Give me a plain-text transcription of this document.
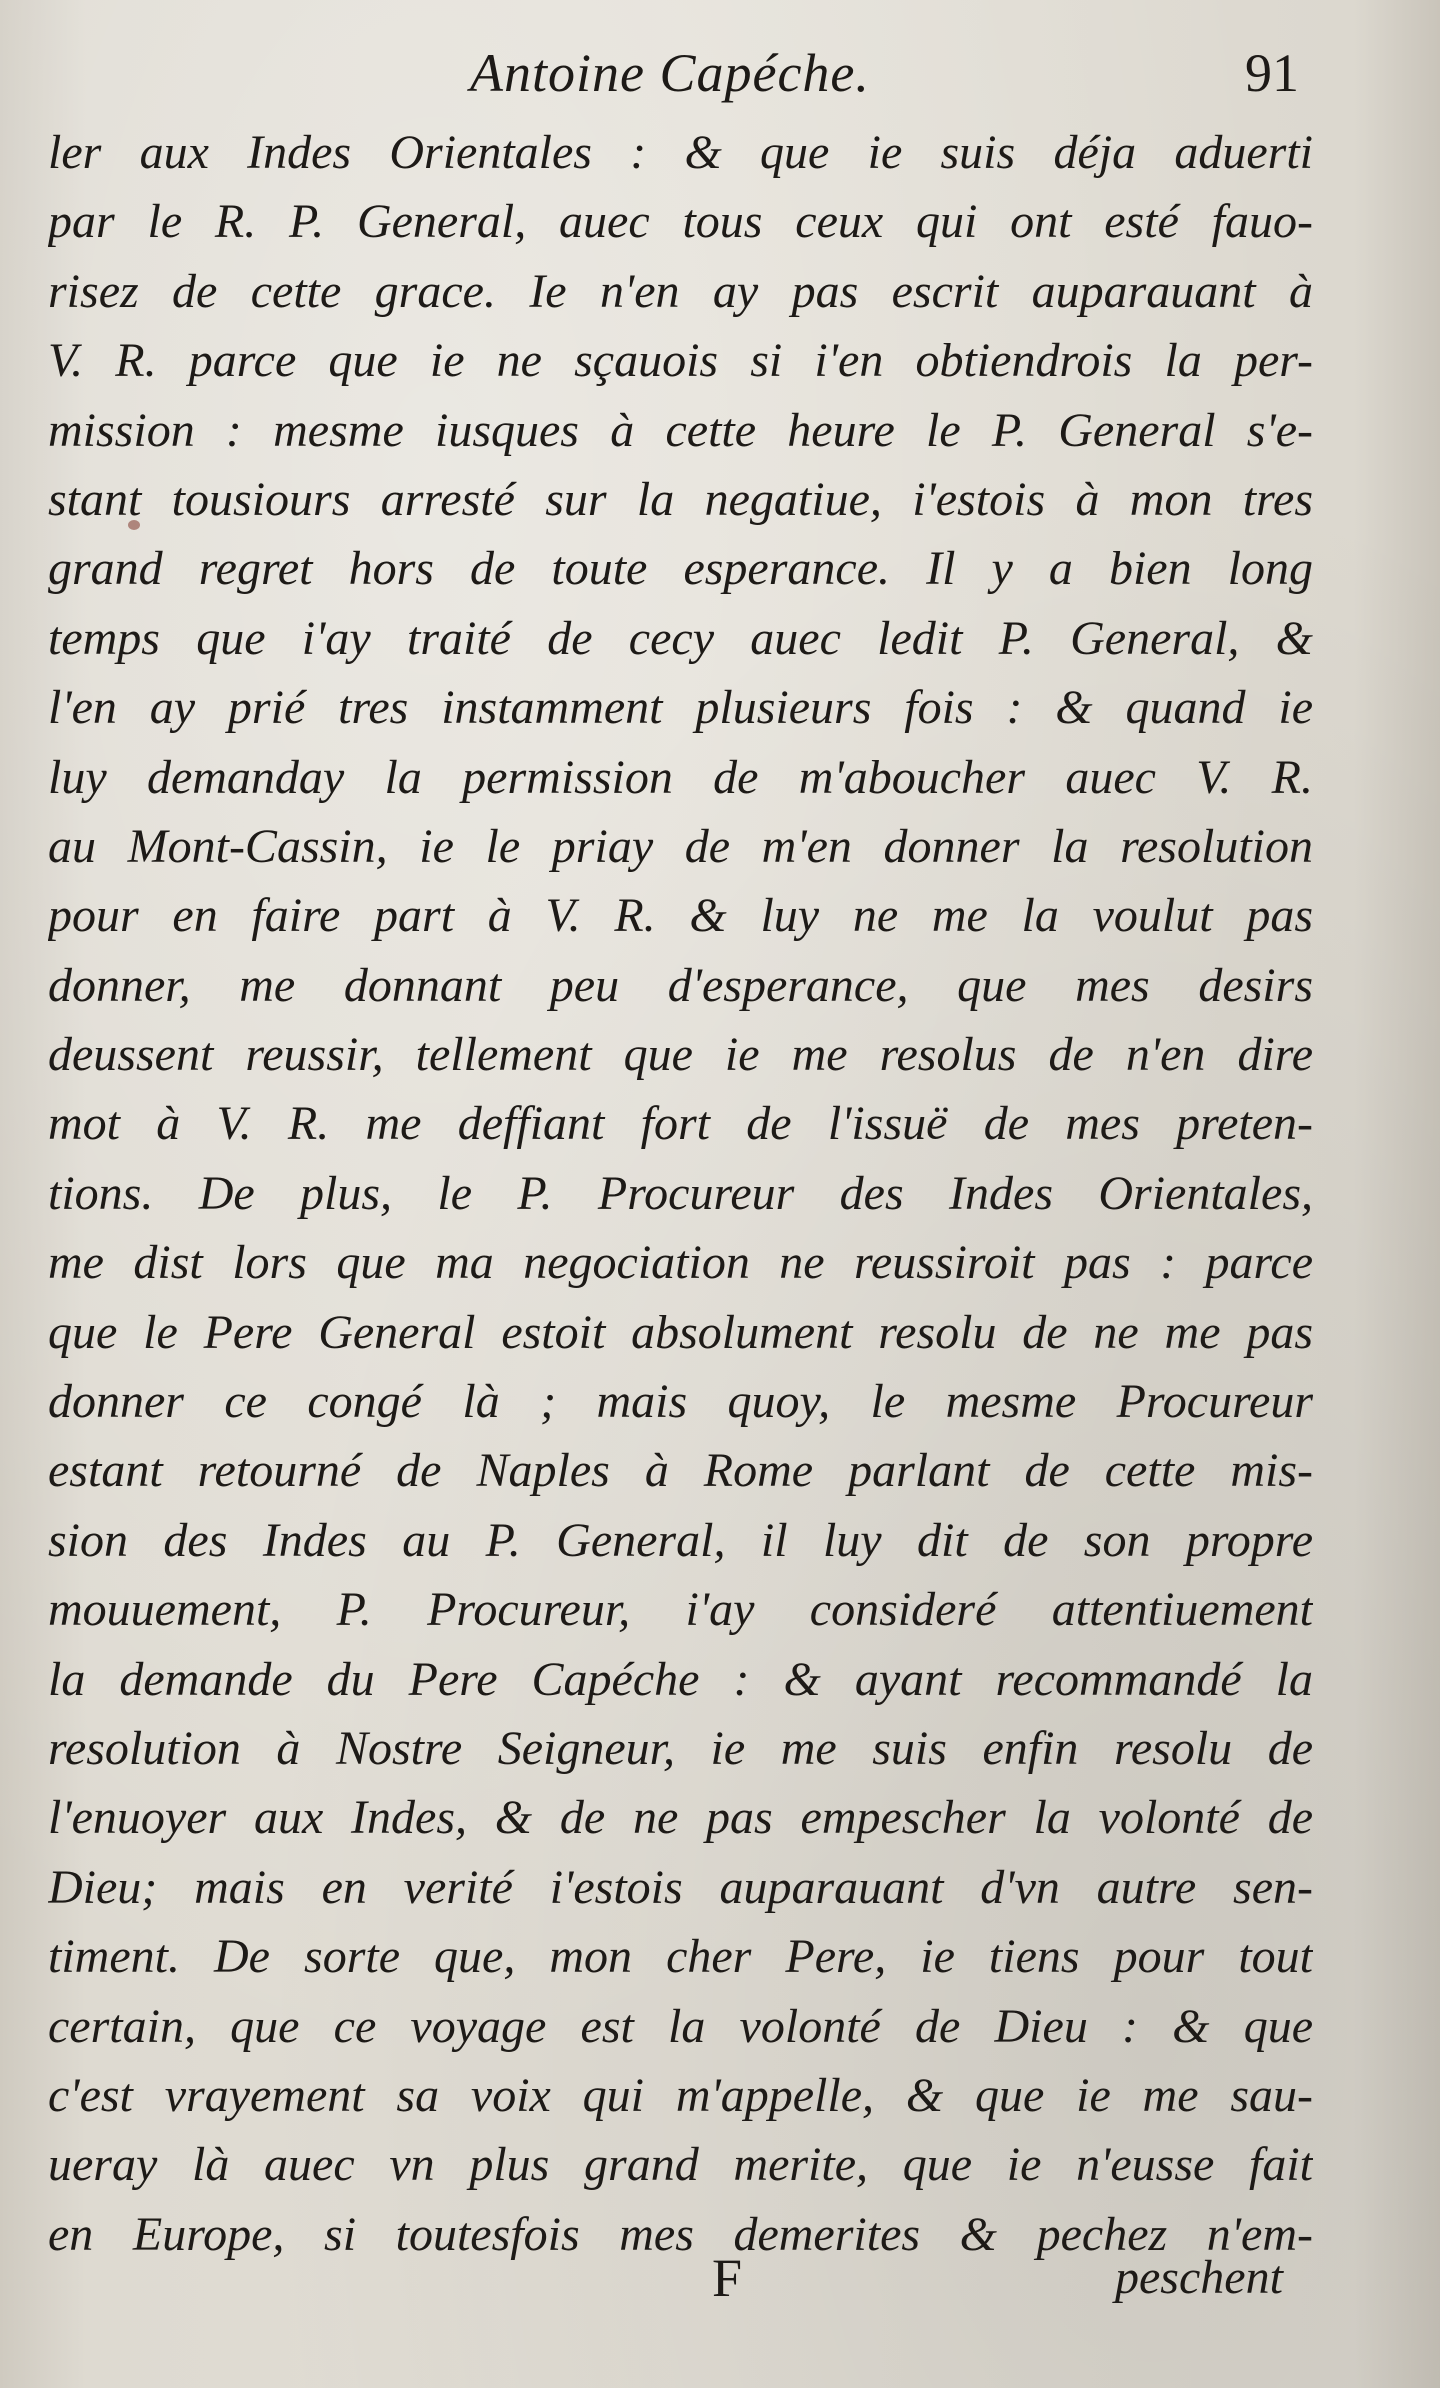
Antoine Capéche.	91
ler aux Indes Orientales : & que ie suis déja aduerti
par le R. P. General, auec tous ceux qui ont esté fauo-
risez de cette grace. Ie n'en ay pas escrit auparauant à
V. R. parce que ie ne sçauois si i'en obtiendrois la per-
mission : mesme iusques à cette heure le P. General s'e-
stant tousiours arresté sur la negatiue, i'estois à mon tres
grand regret hors de toute esperance. Il y a bien long
temps que i'ay traité de cecy auec ledit P. General, &
l'en ay prié tres instamment plusieurs fois : & quand ie
luy demanday la permission de m'aboucher auec V. R.
au Mont-Cassin, ie le priay de m'en donner la resolution
pour en faire part à V. R. & luy ne me la voulut pas
donner, me donnant peu d'esperance, que mes desirs
deussent reussir, tellement que ie me resolus de n'en dire
mot à V. R. me deffiant fort de l'issuë de mes preten-
tions. De plus, le P. Procureur des Indes Orientales,
me dist lors que ma negociation ne reussiroit pas : parce
que le Pere General estoit absolument resolu de ne me pas
donner ce congé là ; mais quoy, le mesme Procureur
estant retourné de Naples à Rome parlant de cette mis-
sion des Indes au P. General, il luy dit de son propre
mouuement, P. Procureur, i'ay consideré attentiuement
la demande du Pere Capéche : & ayant recommandé la
resolution à Nostre Seigneur, ie me suis enfin resolu de
l'enuoyer aux Indes, & de ne pas empescher la volonté de
Dieu; mais en verité i'estois auparauant d'vn autre sen-
timent. De sorte que, mon cher Pere, ie tiens pour tout
certain, que ce voyage est la volonté de Dieu : & que
c'est vrayement sa voix qui m'appelle, & que ie me sau-
ueray là auec vn plus grand merite, que ie n'eusse fait
en Europe, si toutesfois mes demerites & pechez n'em-
F	peschent
